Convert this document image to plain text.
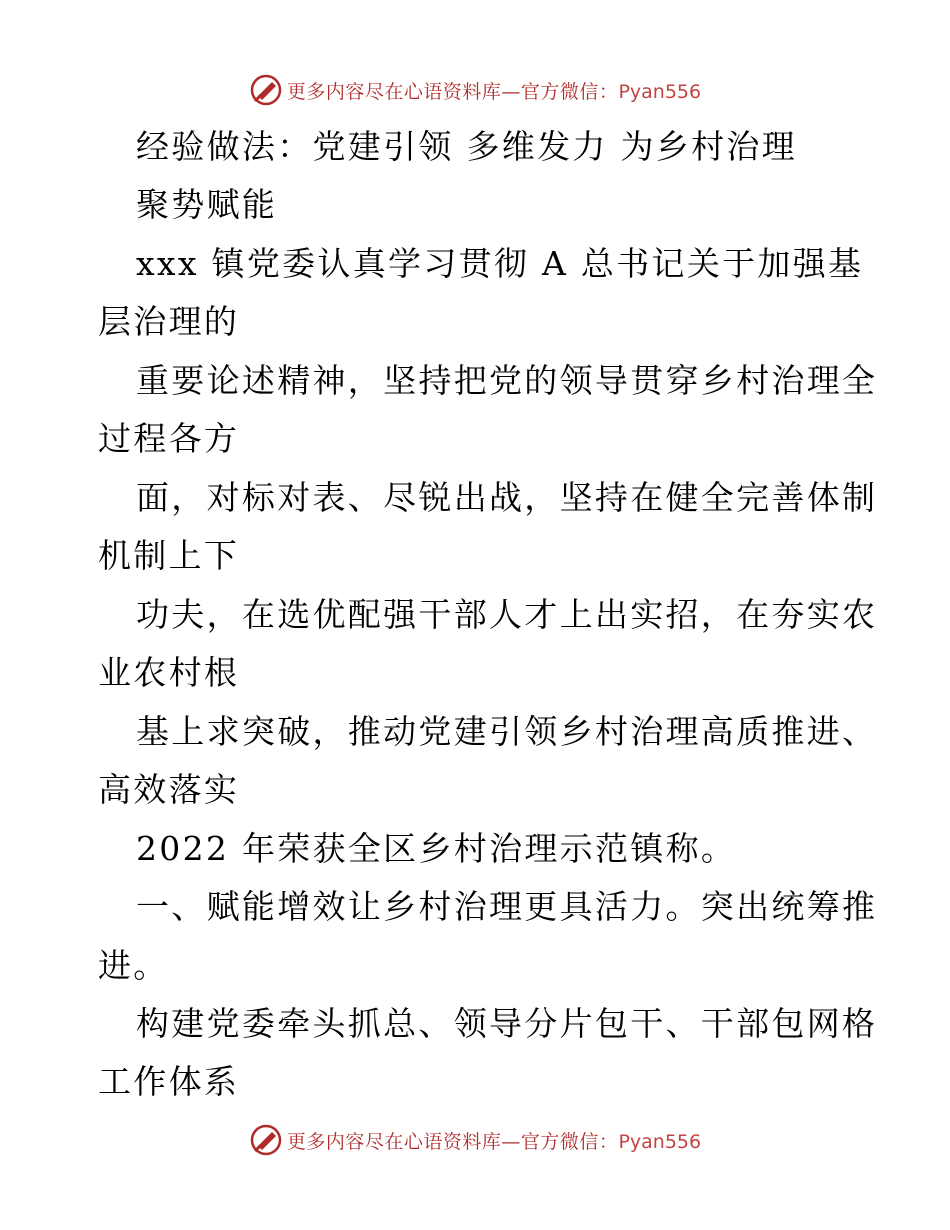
更多内容尽在心语资料库—官方微信：Pyan556
经验做法：党建引领 多维发力 为乡村治理
聚势赋能
xxx 镇党委认真学习贯彻 A 总书记关于加强基
层治理的
重要论述精神，坚持把党的领导贯穿乡村治理全
过程各方
面，对标对表、尽锐出战，坚持在健全完善体制
机制上下
功夫，在选优配强干部人才上出实招，在夯实农
业农村根
基上求突破，推动党建引领乡村治理高质推进、
高效落实
2022 年荣获全区乡村治理示范镇称。
一、赋能增效让乡村治理更具活力。突出统筹推
进。
构建党委牵头抓总、领导分片包干、干部包网格
工作体系
更多内容尽在心语资料库—官方微信：Pyan556
